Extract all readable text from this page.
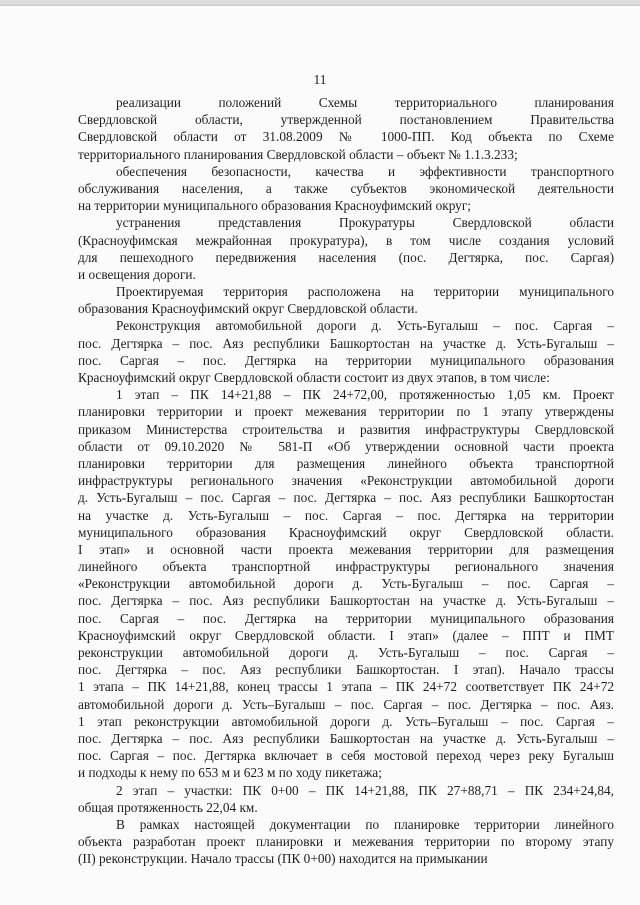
11
реализации положений Схемы территориального планирования
Свердловской области, утвержденной постановлением Правительства
Свердловской области от 31.08.2009 № 1000-ПП. Код объекта по Схеме
территориального планирования Свердловской области – объект № 1.1.3.233;
обеспечения безопасности, качества и эффективности транспортного
обслуживания населения, а также субъектов экономической деятельности
на территории муниципального образования Красноуфимский округ;
устранения представления Прокуратуры Свердловской области
(Красноуфимская межрайонная прокуратура), в том числе создания условий
для пешеходного передвижения населения (пос. Дегтярка, пос. Саргая)
и освещения дороги.
Проектируемая территория расположена на территории муниципального
образования Красноуфимский округ Свердловской области.
Реконструкция автомобильной дороги д. Усть-Бугалыш – пос. Саргая –
пос. Дегтярка – пос. Аяз республики Башкортостан на участке д. Усть-Бугалыш –
пос. Саргая – пос. Дегтярка на территории муниципального образования
Красноуфимский округ Свердловской области состоит из двух этапов, в том числе:
1 этап – ПК 14+21,88 – ПК 24+72,00, протяженностью 1,05 км. Проект
планировки территории и проект межевания территории по 1 этапу утверждены
приказом Министерства строительства и развития инфраструктуры Свердловской
области от 09.10.2020 № 581-П «Об утверждении основной части проекта
планировки территории для размещения линейного объекта транспортной
инфраструктуры регионального значения «Реконструкции автомобильной дороги
д. Усть-Бугалыш – пос. Саргая – пос. Дегтярка – пос. Аяз республики Башкортостан
на участке д. Усть-Бугалыш – пос. Саргая – пос. Дегтярка на территории
муниципального образования Красноуфимский округ Свердловской области.
I этап» и основной части проекта межевания территории для размещения
линейного объекта транспортной инфраструктуры регионального значения
«Реконструкции автомобильной дороги д. Усть-Бугалыш – пос. Саргая –
пос. Дегтярка – пос. Аяз республики Башкортостан на участке д. Усть-Бугалыш –
пос. Саргая – пос. Дегтярка на территории муниципального образования
Красноуфимский округ Свердловской области. I этап» (далее – ППТ и ПМТ
реконструкции автомобильной дороги д. Усть-Бугалыш – пос. Саргая –
пос. Дегтярка – пос. Аяз республики Башкортостан. I этап). Начало трассы
1 этапа – ПК 14+21,88, конец трассы 1 этапа – ПК 24+72 соответствует ПК 24+72
автомобильной дороги д. Усть–Бугалыш – пос. Саргая – пос. Дегтярка – пос. Аяз.
1 этап реконструкции автомобильной дороги д. Усть–Бугалыш – пос. Саргая –
пос. Дегтярка – пос. Аяз республики Башкортостан на участке д. Усть-Бугалыш –
пос. Саргая – пос. Дегтярка включает в себя мостовой переход через реку Бугалыш
и подходы к нему по 653 м и 623 м по ходу пикетажа;
2 этап – участки: ПК 0+00 – ПК 14+21,88, ПК 27+88,71 – ПК 234+24,84,
общая протяженность 22,04 км.
В рамках настоящей документации по планировке территории линейного
объекта разработан проект планировки и межевания территории по второму этапу
(II) реконструкции. Начало трассы (ПК 0+00) находится на примыкании
